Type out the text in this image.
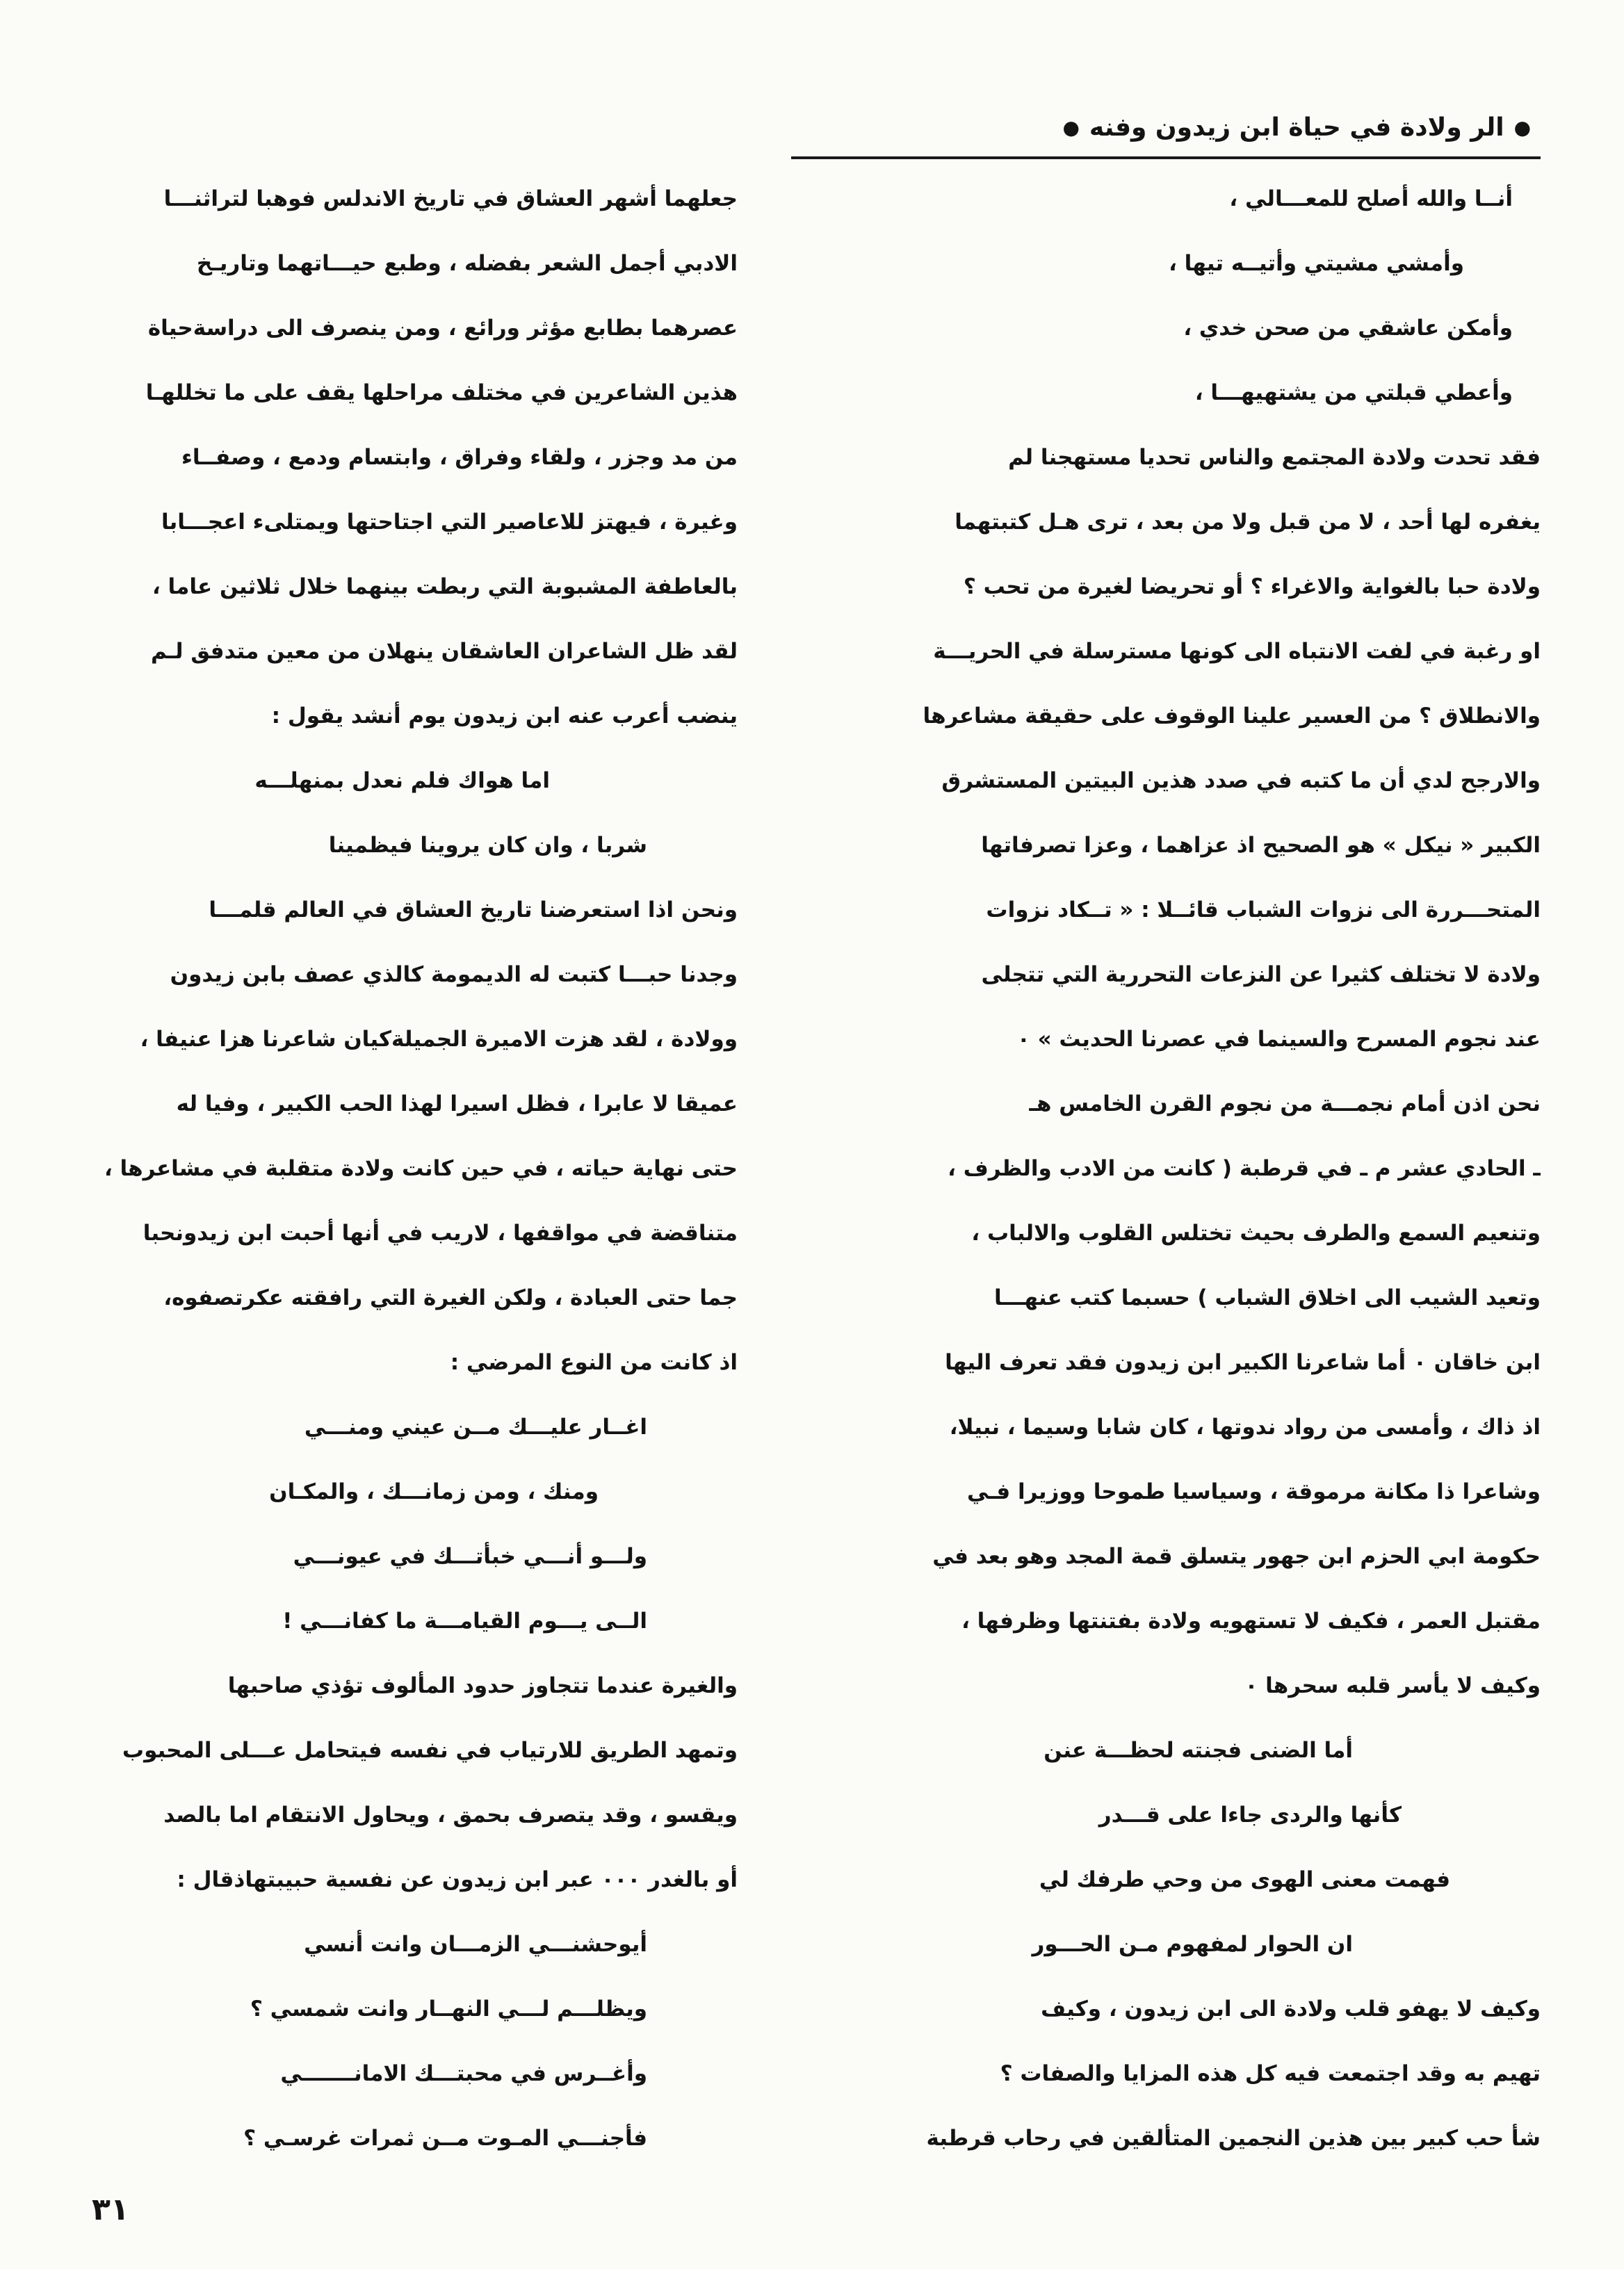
●
الر ولادة في حياة ابن زيدون وفنه
●
أنــا والله أصلح للمعـــالي ،
وأمشي مشيتي وأتيــه تيها ،
وأمكن عاشقي من صحن خدي ،
وأعطي قبلتي من يشتهيهـــا ،
فقد تحدت ولادة المجتمع والناس تحديا مستهجنا لم
يغفره لها أحد ، لا من قبل ولا من بعد ، ترى هـل كتبتهما
ولادة حبا بالغواية والاغراء ؟ أو تحريضا لغيرة من تحب ؟
او رغبة في لفت الانتباه الى كونها مسترسلة في الحريـــة
والانطلاق ؟ من العسير علينا الوقوف على حقيقة مشاعرها
والارجح لدي أن ما كتبه في صدد هذين البيتين المستشرق
الكبير « نيكل » هو الصحيح اذ عزاهما ، وعزا تصرفاتها
المتحـــررة الى نزوات الشباب قائــلا : « تــكاد نزوات
ولادة لا تختلف كثيرا عن النزعات التحررية التي تتجلى
عند نجوم المسرح والسينما في عصرنا الحديث » ٠
نحن اذن أمام نجمـــة من نجوم القرن الخامس هـ
ـ الحادي عشر م ـ في قرطبة ( كانت من الادب والظرف ،
وتنعيم السمع والطرف بحيث تختلس القلوب والالباب ،
وتعيد الشيب الى اخلاق الشباب ) حسبما كتب عنهـــا
ابن خاقان ٠ أما شاعرنا الكبير ابن زيدون فقد تعرف اليها
اذ ذاك ، وأمسى من رواد ندوتها ، كان شابا وسيما ، نبيلا،
وشاعرا ذا مكانة مرموقة ، وسياسيا طموحا ووزيرا فـي
حكومة ابي الحزم ابن جهور يتسلق قمة المجد وهو بعد في
مقتبل العمر ، فكيف لا تستهويه ولادة بفتنتها وظرفها ،
وكيف لا يأسر قلبه سحرها ٠
أما الضنى فجنته لحظـــة عنن
كأنها والردى جاءا على قـــدر
فهمت معنى الهوى من وحي طرفك لي
ان الحوار لمفهوم مـن الحـــور
وكيف لا يهفو قلب ولادة الى ابن زيدون ، وكيف
تهيم به وقد اجتمعت فيه كل هذه المزايا والصفات ؟
شأ حب كبير بين هذين النجمين المتألقين في رحاب قرطبة
جعلهما أشهر العشاق في تاريخ الاندلس فوهبا لتراثنـــا
الادبي أجمل الشعر بفضله ، وطبع حيـــاتهما وتاريـخ
عصرهما بطابع مؤثر ورائع ، ومن ينصرف الى دراسةحياة
هذين الشاعرين في مختلف مراحلها يقف على ما تخللهـا
من مد وجزر ، ولقاء وفراق ، وابتسام ودمع ، وصفــاء
وغيرة ، فيهتز للاعاصير التي اجتاحتها ويمتلىء اعجـــابا
بالعاطفة المشبوبة التي ربطت بينهما خلال ثلاثين عاما ،
لقد ظل الشاعران العاشقان ينهلان من معين متدفق لـم
ينضب أعرب عنه ابن زيدون يوم أنشد يقول :
اما هواك فلم نعدل بمنهلـــه
شربا ، وان كان يروينا فيظمينا
ونحن اذا استعرضنا تاريخ العشاق في العالم قلمـــا
وجدنا حبـــا كتبت له الديمومة كالذي عصف بابن زيدون
وولادة ، لقد هزت الاميرة الجميلةكيان شاعرنا هزا عنيفا ،
عميقا لا عابرا ، فظل اسيرا لهذا الحب الكبير ، وفيا له
حتى نهاية حياته ، في حين كانت ولادة متقلبة في مشاعرها ،
متناقضة في مواقفها ، لاريب في أنها أحبت ابن زيدونحبا
جما حتى العبادة ، ولكن الغيرة التي رافقته عكرتصفوه،
اذ كانت من النوع المرضي :
اغــار عليـــك مــن عيني ومنـــي
ومنك ، ومن زمانـــك ، والمكـان
ولـــو أنـــي خبأتـــك في عيونـــي
الــى يـــوم القيامـــة ما كفانـــي !
والغيرة عندما تتجاوز حدود المألوف تؤذي صاحبها
وتمهد الطريق للارتياب في نفسه فيتحامل عـــلى المحبوب
ويقسو ، وقد يتصرف بحمق ، ويحاول الانتقام اما بالصد
أو بالغدر ٠٠٠ عبر ابن زيدون عن نفسية حبيبتهاذقال :
أيوحشنـــي الزمـــان وانت أنسي
ويظلـــم لـــي النهــار وانت شمسي ؟
وأغــرس في محبتـــك الامانـــــــي
فأجنـــي المـوت مــن ثمرات غرسـي ؟
٣١
